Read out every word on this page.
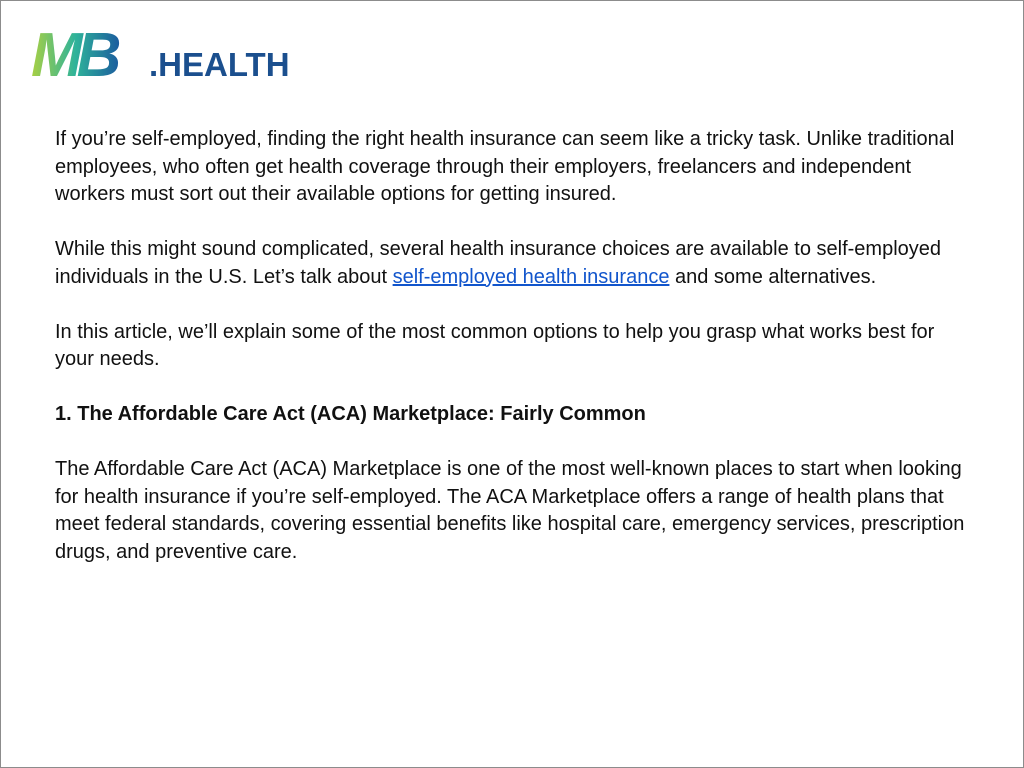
MB .HEALTH

If you’re self-employed, finding the right health insurance can seem like a tricky task. Unlike traditional employees, who often get health coverage through their employers, freelancers and independent workers must sort out their available options for getting insured.

While this might sound complicated, several health insurance choices are available to self-employed individuals in the U.S. Let’s talk about self-employed health insurance and some alternatives.

In this article, we’ll explain some of the most common options to help you grasp what works best for your needs.

1. The Affordable Care Act (ACA) Marketplace: Fairly Common

The Affordable Care Act (ACA) Marketplace is one of the most well-known places to start when looking for health insurance if you’re self-employed. The ACA Marketplace offers a range of health plans that meet federal standards, covering essential benefits like hospital care, emergency services, prescription drugs, and preventive care.
